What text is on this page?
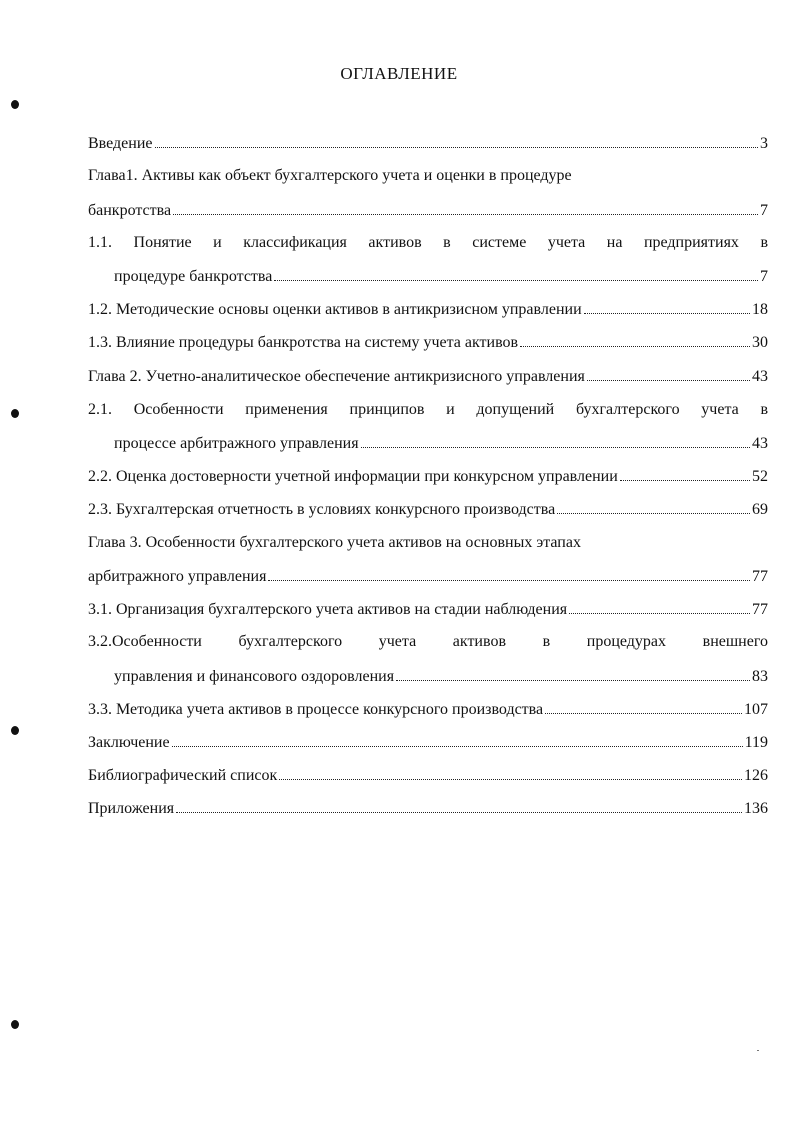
ОГЛАВЛЕНИЕ
Введение	3
Глава1. Активы как объект бухгалтерского учета и оценки в процедуре
банкротства	7
1.1. Понятие и классификация активов в системе учета на предприятиях в
процедуре банкротства	7
1.2. Методические основы оценки активов в антикризисном управлении	18
1.3. Влияние процедуры банкротства на систему учета активов	30
Глава 2. Учетно-аналитическое обеспечение антикризисного управления	43
2.1. Особенности применения принципов и допущений бухгалтерского учета в
процессе арбитражного управления	43
2.2. Оценка достоверности учетной информации при конкурсном управлении	52
2.3. Бухгалтерская отчетность в условиях конкурсного производства	69
Глава 3. Особенности бухгалтерского учета активов на основных этапах
арбитражного управления	77
3.1. Организация бухгалтерского учета активов на стадии наблюдения	77
3.2.Особенности бухгалтерского учета активов в процедурах внешнего
управления и финансового оздоровления	83
3.3. Методика учета активов в процессе конкурсного производства	107
Заключение	119
Библиографический список	126
Приложения	136
